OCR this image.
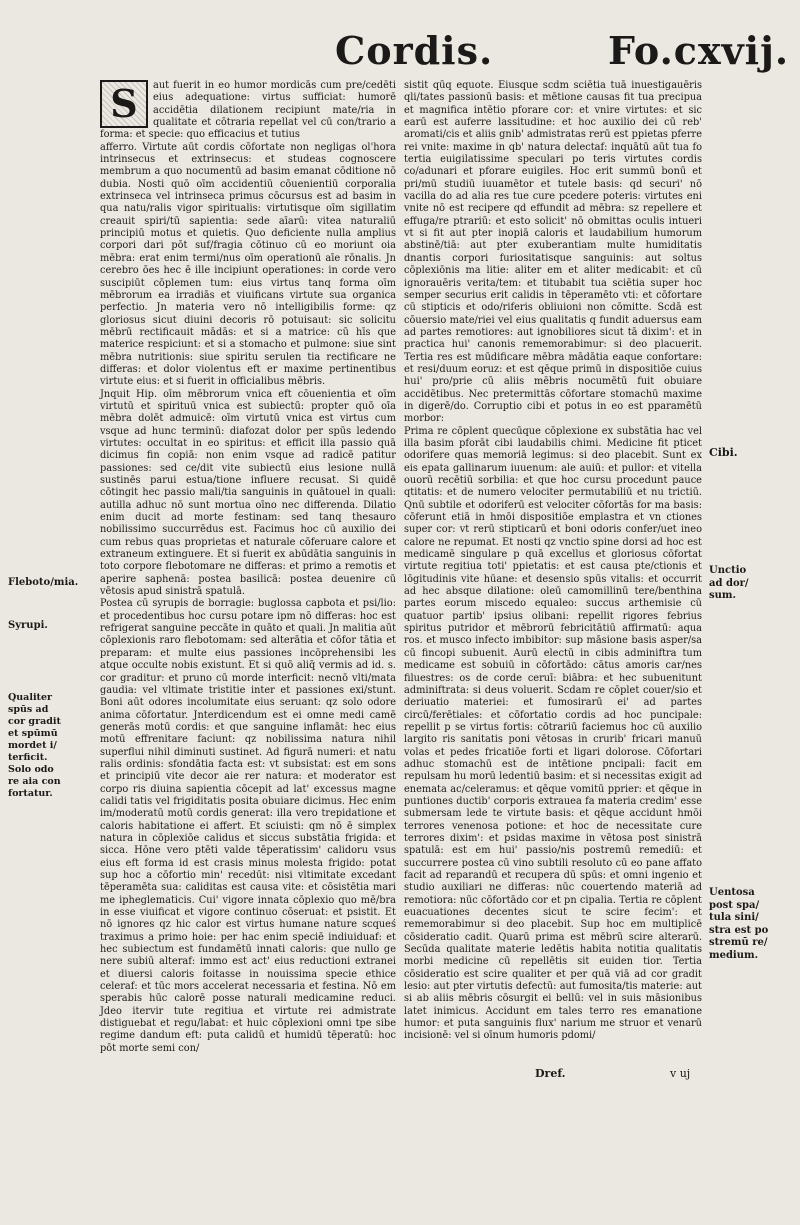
Cordis.	Fo.cxvij.
Fleboto/mia.
Syrupi.
Qualiter
spūs ad
cor gradit
et spūmū
mordet i/
terficit.
Solo odo
re aia con
fortatur.
Cibi.
Unctio
ad dor/
sum.
Uentosa
post spa/
tula sini/
stra est po
stremū re/
medium.
S	aut fuerit in eo humor mordicās cum pre/cedēti eius adequatione: virtus sufficiat: humorē accidētia dilationem recipiunt mate/ria in qualitate et cōtraria repellat vel cū con/trario a forma: et specie: quo efficacius et tutius

afferro. Virtute aūt cordis cōfortate non negligas ol'hora intrinsecus et extrinsecus: et studeas cognoscere membrum a quo nocumentū ad basim emanat cōditione nō dubia. Nosti quō oīm accidentiū cōuenientiū corporalia extrinseca vel intrinseca primus cōcursus est ad basim in qua natu/ralis vigor spiritualis: virtutisque oīm sigillatim creauit spiri/tū sapientia: sede aīarū: vitea naturaliū principiū motus et quietis. Quo deficiente nulla amplius corpori dari pōt suf/fragia cōtinuo cū eo moriunt oia mēbra: erat enim termi/nus oīm operationū aīe rōnalis. Jn cerebro ōes hec ē ille incipiunt operationes: in corde vero suscipiūt cōplemen tum: eius virtus tanq forma oīm mēbrorum ea irradiās et viuificans virtute sua organica perfectio. Jn materia vero nō intelligibilis forme: qz gloriosus sicut diuini decoris rō potuisaut: sic solicitu mēbrū rectificauit mādās: et si a matrice: cū hīs que materice respiciunt: et si a stomacho et pulmone: siue sint mēbra nutritionis: siue spiritu serulen tia rectificare ne differas: et dolor violentus eft er maxime pertinentibus virtute eius: et si fuerit in officialibus mēbris.

Jnquit Hip. oīm mēbrorum vnica eft cōuenientia et oīm virtutū et spirituū vnica est subiectū: propter quō oīa mēbra dolēt admuicē: oīm virtutū vnica est virtus cum vsque ad hunc terminū: diafozat dolor per spūs ledendo virtutes: occultat in eo spiritus: et efficit illa passio quā dicimus fin copiā: non enim vsque ad radicē patitur passiones: sed ce/dit vite subiectū eius lesione nullā sustinēs parui estua/tione influere recusat. Si quidē cōtingit hec passio mali/tia sanguinis in quātouel in quali: autilla adhuc nō sunt mortua oīno nec differenda. Dilatio enim ducit ad morte festinam: sed tanq thesauro nobilissimo succurrēdus est. Facimus hoc cū auxilio dei cum rebus quas proprietas et naturale cōferuare calore et extraneum extinguere. Et si fuerit ex abūdātia sanguinis in toto corpore flebotomare ne differas: et primo a remotis et aperire saphenā: postea basilicā: postea deuenire cū vētosis apud sinistrā spatulā.

Postea cū syrupis de borragie: buglossa capbota et psi/lio: et procedentibus hoc cursu potare ipm nō differas: hoc est refrigerat sanguine peccāte in quāto et quali. Jn malitia aūt cōplexionis raro flebotomam: sed alterātia et cōfor tātia et preparam: et multe eius passiones incōprehensibi les atque occulte nobis existunt. Et si quō aliq̄ vermis ad id. s. cor graditur: et pruno cū morde interficit: necnō vlti/mata gaudia: vel vltimate tristitie inter et passiones exi/stunt. Boni aūt odores incolumitate eius seruant: qz solo odore anima cōfortatur. Jnterdicendum est ei omne medi camē generās motū cordis: et que sanguine inflamāt: hec eius motū effrenitare faciunt: qz nobilissima natura nihil superflui nihil diminuti sustinet. Ad figurā numeri: et natu ralis ordinis: sfondātia facta est: vt subsistat: est em sons et principiū vite decor aie rer natura: et moderator est corpo ris diuina sapientia cōcepit ad lat' excessus magne calidi tatis vel frigiditatis posita obuiare dicimus. Hec enim im/moderatū motū cordis generat: illa vero trepidatione et caloris habitatione ei affert. Et sciuisti: qm nō ē simplex natura in cōplexiōe calidus et siccus substātia frigida: et sicca. Hōne vero ptēti valde tēperatissim' calidoru vsus eius eft forma id est crasis minus molesta frigido: potat sup hoc a cōfortio min' recedūt: nisi vltimitate excedant tēperamēta sua: caliditas est causa vite: et cōsistētia mari me ipheglematicis. Cui' vigore innata cōplexio quo mē/bra in esse viuificat et vigore continuo cōseruat: et psistit. Et nō ignores qz hic calor est virtus humane nature scqueś traximus a primo hoie: per hac enim speciē indiuiduaf: et hec subiectum est fundamētū innati caloris: que nullo ge nere subiū alteraf: immo est act' eius reductioni extranei et diuersi caloris foitasse in nouissima specie ethice celeraf: et tūc mors accelerat necessaria et festina. Nō em sperabis hūc calorē posse naturali medicamine reduci. Jdeo itervir tute regitiua et virtute rei admistrate distiguebat et regu/labat: et huic cōplexioni omni tpe sibe regime dandum eft: puta calidū et humidū tēperatū: hoc pōt morte semi con/

sistit qūq equote. Eiusque scdm sciētia tuā inuestigauēris qli/tates passionū basis: et mētione causas fit tua precipua et magnifica intētio pforare cor: et vnire virtutes: et sic earū est auferre lassitudine: et hoc auxilio dei cū reb' aromati/cis et aliis gnib' admistratas rerū est ppietas pferre rei vnite: maxime in qb' natura delectaf: inquātū aūt tua fo tertia euigilatissime speculari po teris virtutes cordis co/adunari et pforare euigiles. Hoc erit summū bonū et pri/mū studiū iuuamētor et tutele basis: qd securi' nō vacilla do ad alia res tue cure pcedere poteris: virtutes eni vnite nō est recipere qd effundit ad mēbra: sz repellere et effuga/re ptrariū: et esto solicit' nō obmittas oculis intueri vt si fit aut pter inopiā caloris et laudabilium humorum abstinē/tiā: aut pter exuberantiam multe humiditatis dnantis corpori furiositatisque sanguinis: aut soltus cōplexiōnis ma litie: aliter em et aliter medicabit: et cū ignorauēris verita/tem: et titubabit tua sciētia super hoc semper securius erit calidis in tēperamēto vti: et cōfortare cū stipticis et odo/riferis obliuioni non cōmitte. Scdā est cōuersio mate/riei vel eius qualitatis q fundit aduersus eam ad partes remotiores: aut ignobiliores sicut tā dixim': et in practica hui' canonis rememorabimur: si deo placuerit. Tertia res est mūdificare mēbra mādātia eaque confortare: et resi/duum eoruz: et est qēque primū in dispositiōe cuius hui' pro/prie cū aliis mēbris nocumētū fuit obuiare accidētibus. Nec pretermittās cōfortare stomachū maxime in digerē/do. Corruptio cibi et potus in eo est pparamētū morbor:

Prima re cōplent quecūque cōplexione ex substātia hac vel illa basim pforāt cibi laudabilis chimi. Medicine fit pticet odorifere quas memoriā legimus: si deo placebit. Sunt ex eis epata gallinarum iuuenum: ale auiū: et pullor: et vitella ouorū recētiū sorbilia: et que hoc cursu procedunt pauce qtitatis: et de numero velociter permutabiliū et nu trictiū. Qnū subtile et odoriferū est velociter cōfortās for ma basis: cōferunt etiā in hmōi dispositiōe emplastra et vn ctiones super cor: vt rerū stipticarū et boni odoris confer/uet ineo calore ne repumat. Et nosti qz vnctio spine dorsi ad hoc est medicamē singulare p quā excellus et gloriosus cōfortat virtute regitiua toti' ppietatis: et est causa pte/ctionis et lōgitudinis vite hūane: et desensio spūs vitalis: et occurrit ad hec absque dilatione: oleū camomillinū tere/benthina partes eorum miscedo equaleo: succus arthemisie cū quatuor partib' ipsius olibani: repellit rigores febrius spiritus putridor et mēbrorū febricitātiū affirmatū: aqua ros. et musco infecto imbibitor: sup māsione basis asper/sa cū fincopi subuenit. Aurū electū in cibis adminiftra tum medicame est sobuiū in cōfortādo: cātus amoris car/nes filuestres: os de corde ceruī: biābra: et hec subuenitunt adminiftrata: si deus voluerit. Scdam re cōplet couer/sio et deriuatio materiei: et fumosirarū ei' ad partes circū/ferētiales: et cōfortatio cordis ad hoc puncipale: repellit p se virtus fortis: cōtrariū faciemus hoc cū auxilio largito ris sanitatis poni vētosas in crurib' fricari manuū volas et pedes fricatiōe forti et ligari dolorose. Cōfortari adhuc stomachū est de intētione pncipali: facit em repulsam hu morū ledentiū basim: et si necessitas exigit ad enemata ac/celeramus: et qēque vomitū pprier: et qēque in puntiones ductib' corporis extrauea fa materia credim' esse submersam lede te virtute basis: et qēque accidunt hmōi terrores venenosa potione: et hoc de necessitate cure terrores dixim': et psidas maxime in vētosa post sinistrā spatulā: est em hui' passio/nis postremū remediū: et succurrere postea cū vino subtili resoluto cū eo pane affato facit ad reparandū et recupera dū spūs: et omni ingenio et studio auxiliari ne differas: nūc couertendo materiā ad remotiora: nūc cōfortādo cor et pn cipalia. Tertia re cōplent euacuationes decentes sicut te scire fecim': et rememorabimur si deo placebit. Sup hoc em multiplicē cōsideratio cadit. Quarū prima est mēbrū scire alterarū. Secūda qualitate materie ledētis habita notitia qualitatis morbi medicine cū repellētis sit euiden tior. Tertia cōsideratio est scire qualiter et per quā viā ad cor gradit lesio: aut pter virtutis defectū: aut fumosita/tis materie: aut si ab aliis mēbris cōsurgit ei bellū: vel in suis māsionibus latet inimicus. Accidunt em tales terro res emanatione humor: et puta sanguinis flux' narium me struor et venarū incisionē: vel si oīnum humoris pdomi/

Dref.	v uj
